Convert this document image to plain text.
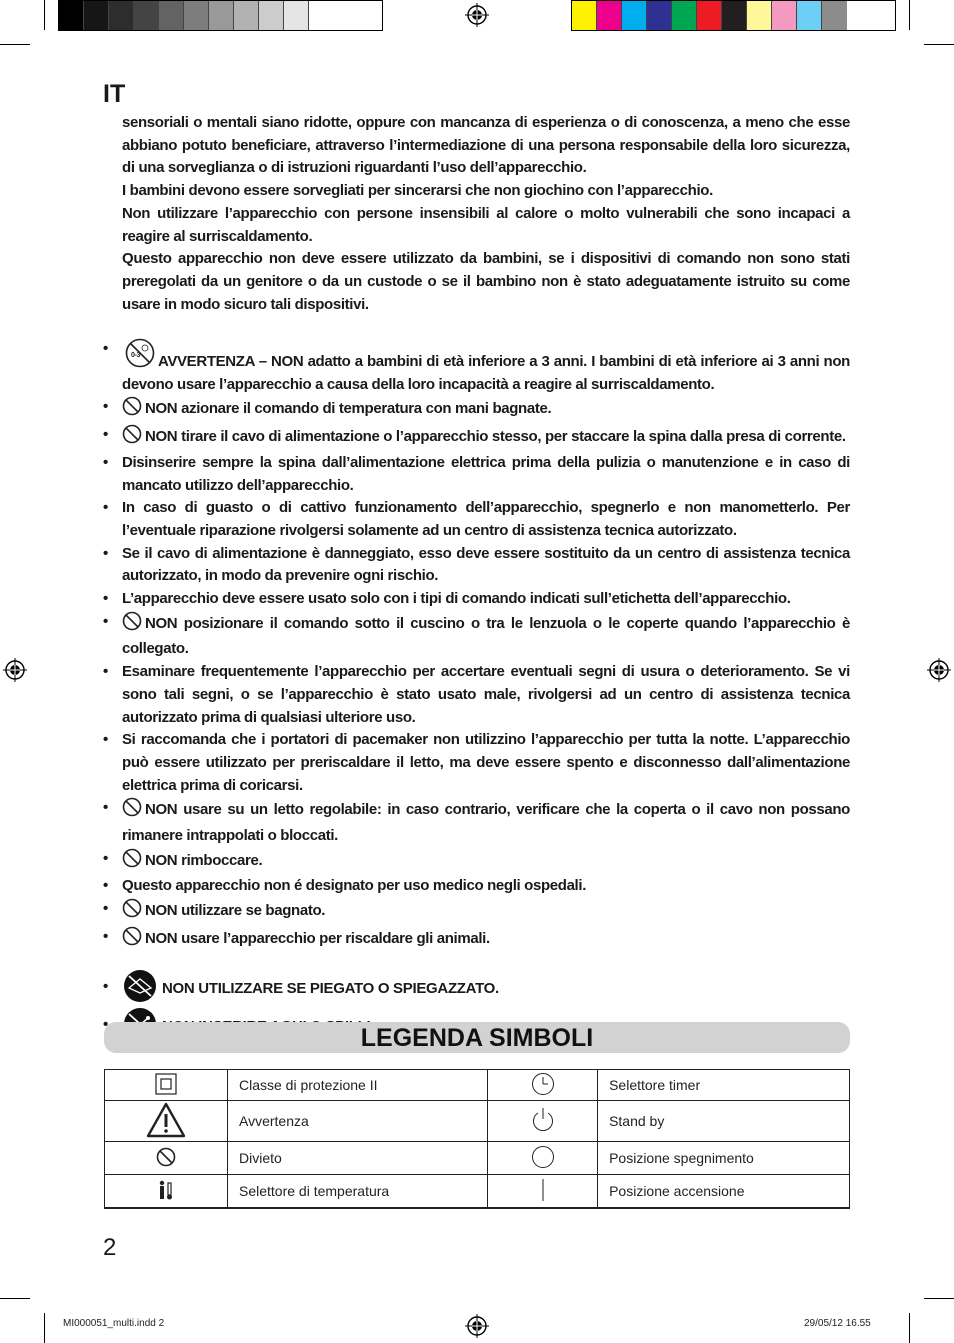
IT

sensoriali o mentali siano ridotte, oppure con mancanza di esperienza o di conoscenza, a meno che esse abbiano potuto beneficiare, attraverso l’intermediazione di una persona responsabile della loro sicurezza, di una sorveglianza o di istruzioni riguardanti l’uso dell’apparecchio.

I bambini devono essere sorvegliati per sincerarsi che non giochino con l’apparecchio.

Non utilizzare l’apparecchio con persone insensibili al calore o molto vulnerabili che sono incapaci a reagire al surriscaldamento.

Questo apparecchio non deve essere utilizzato da bambini, se i dispositivi di comando non sono stati preregolati da un genitore o da un custode o se il bambino non è stato adeguatamente istruito su come usare in modo sicuro tali dispositivi.

• 0-3 AVVERTENZA – NON adatto a bambini di età inferiore a 3 anni. I bambini di età inferiore ai 3 anni non devono usare l’apparecchio a causa della loro incapacità a reagire al surriscaldamento.

• NON azionare il comando di temperatura con mani bagnate.

• NON tirare il cavo di alimentazione o l’apparecchio stesso, per staccare la spina dalla presa di corrente.

• Disinserire sempre la spina dall’alimentazione elettrica prima della pulizia o manutenzione e in caso di mancato utilizzo dell’apparecchio.

• In caso di guasto o di cattivo funzionamento dell’apparecchio, spegnerlo e non manometterlo. Per l’eventuale riparazione rivolgersi solamente ad un centro di assistenza tecnica autorizzato.

• Se il cavo di alimentazione è danneggiato, esso deve essere sostituito da un centro di assistenza tecnica autorizzato, in modo da prevenire ogni rischio.

• L’apparecchio deve essere usato solo con i tipi di comando indicati sull’etichetta dell’apparecchio.

• NON posizionare il comando sotto il cuscino o tra le lenzuola o le coperte quando l’apparecchio è collegato.

• Esaminare frequentemente l’apparecchio per accertare eventuali segni di usura o deterioramento. Se vi sono tali segni, o se l’apparecchio è stato usato male, rivolgersi ad un centro di assistenza tecnica autorizzato prima di qualsiasi ulteriore uso.

• Si raccomanda che i portatori di pacemaker non utilizzino l’apparecchio per tutta la notte. L’apparecchio può essere utilizzato per preriscaldare il letto, ma deve essere spento e disconnesso dall’alimentazione elettrica prima di coricarsi.

• NON usare su un letto regolabile: in caso contrario, verificare che la coperta o il cavo non possano rimanere intrappolati o bloccati.

• NON rimboccare.

• Questo apparecchio non é designato per uso medico negli ospedali.

• NON utilizzare se bagnato.

• NON usare l’apparecchio per riscaldare gli animali.

• NON UTILIZZARE SE PIEGATO O SPIEGAZZATO.

•

LEGENDA SIMBOLI
	Classe di protezione II		Selettore timer
	Avvertenza		Stand by
	Divieto		Posizione spegnimento
	Selettore di temperatura		Posizione accensione
2
MI000051_multi.indd 2	29/05/12 16.55
